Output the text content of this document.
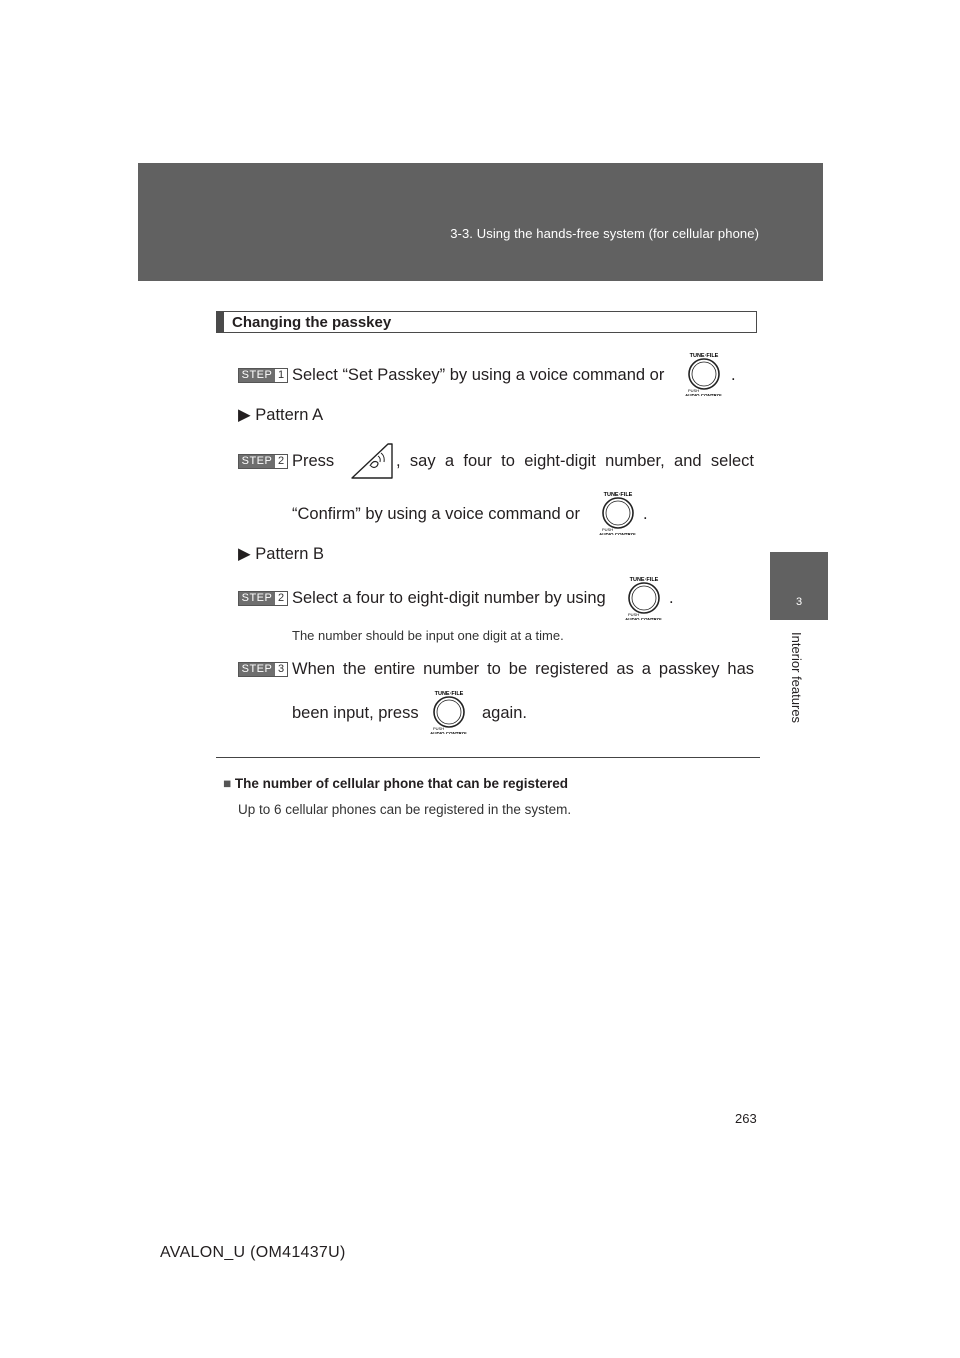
3-3. Using the hands-free system (for cellular phone)
3
Interior features
Changing the passkey
STEP 1 Select “Set Passkey” by using a voice command or
TUNE·FILE
PUSH
AUDIO CONTROL
.
▶ Pattern A
STEP 2 Press	, say a four to eight-digit number, and select
“Confirm” by using a voice command or
TUNE·FILE
PUSH
AUDIO CONTROL
.
▶ Pattern B
STEP 2 Select a four to eight-digit number by using
TUNE·FILE
PUSH
AUDIO CONTROL
.
The number should be input one digit at a time.
STEP 3 When the entire number to be registered as a passkey has
been input, press
TUNE·FILE
PUSH
AUDIO CONTROL
again.
■ The number of cellular phone that can be registered
Up to 6 cellular phones can be registered in the system.
263
AVALON_U (OM41437U)
